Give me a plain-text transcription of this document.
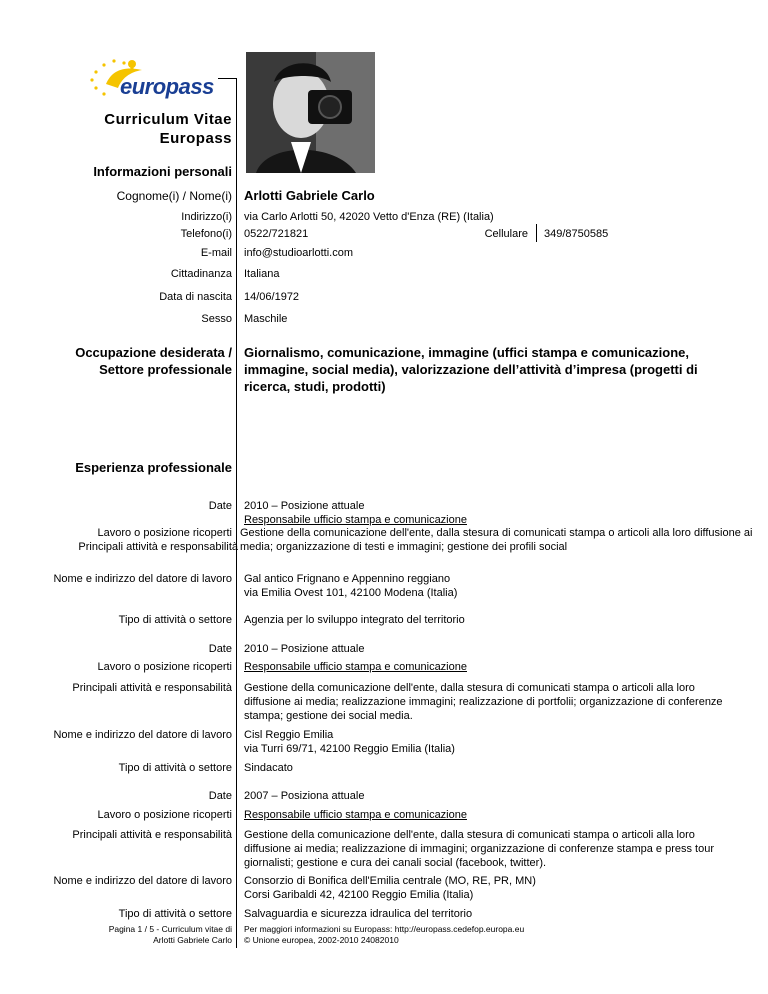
europass
Curriculum Vitae
Europass
Informazioni personali
Cognome(i) / Nome(i) Arlotti Gabriele Carlo
Indirizzo(i) via Carlo Arlotti 50, 42020 Vetto d'Enza (RE) (Italia)
Telefono(i) 0522/721821	Cellulare 349/8750585
E-mail info@studioarlotti.com
Cittadinanza Italiana
Data di nascita 14/06/1972
Sesso Maschile
Occupazione desiderata /
Settore professionale
Giornalismo, comunicazione, immagine (uffici stampa e comunicazione,
immagine, social media), valorizzazione dell’attività d’impresa (progetti di
ricerca, studi, prodotti)
Esperienza professionale
Date 2010 – Posizione attuale
Responsabile ufficio stampa e comunicazione
Lavoro o posizione ricoperti Gestione della comunicazione dell'ente, dalla stesura di comunicati stampa o articoli alla loro diffusione ai
Principali attività e responsabilità media; organizzazione di testi e immagini; gestione dei profili social
Nome e indirizzo del datore di lavoro Gal antico Frignano e Appennino reggiano
via Emilia Ovest 101, 42100 Modena (Italia)
Tipo di attività o settore Agenzia per lo sviluppo integrato del territorio
Date 2010 – Posizione attuale
Lavoro o posizione ricoperti Responsabile ufficio stampa e comunicazione
Principali attività e responsabilità Gestione della comunicazione dell'ente, dalla stesura di comunicati stampa o articoli alla loro
diffusione ai media; realizzazione immagini; realizzazione di portfolii; organizzazione di conferenze
stampa; gestione dei social media.
Nome e indirizzo del datore di lavoro Cisl Reggio Emilia
via Turri 69/71, 42100 Reggio Emilia (Italia)
Tipo di attività o settore Sindacato
Date 2007 – Posiziona attuale
Lavoro o posizione ricoperti Responsabile ufficio stampa e comunicazione
Principali attività e responsabilità Gestione della comunicazione dell'ente, dalla stesura di comunicati stampa o articoli alla loro
diffusione ai media; realizzazione di immagini; organizzazione di conferenze stampa e press tour
giornalisti; gestione e cura dei canali social (facebook, twitter).
Nome e indirizzo del datore di lavoro Consorzio di Bonifica dell'Emilia centrale (MO, RE, PR, MN)
Corsi Garibaldi 42, 42100 Reggio Emilia (Italia)
Tipo di attività o settore Salvaguardia e sicurezza idraulica del territorio
Pagina 1 / 5 - Curriculum vitae di
Arlotti Gabriele Carlo
Per maggiori informazioni su Europass: http://europass.cedefop.europa.eu
© Unione europea, 2002-2010 24082010
